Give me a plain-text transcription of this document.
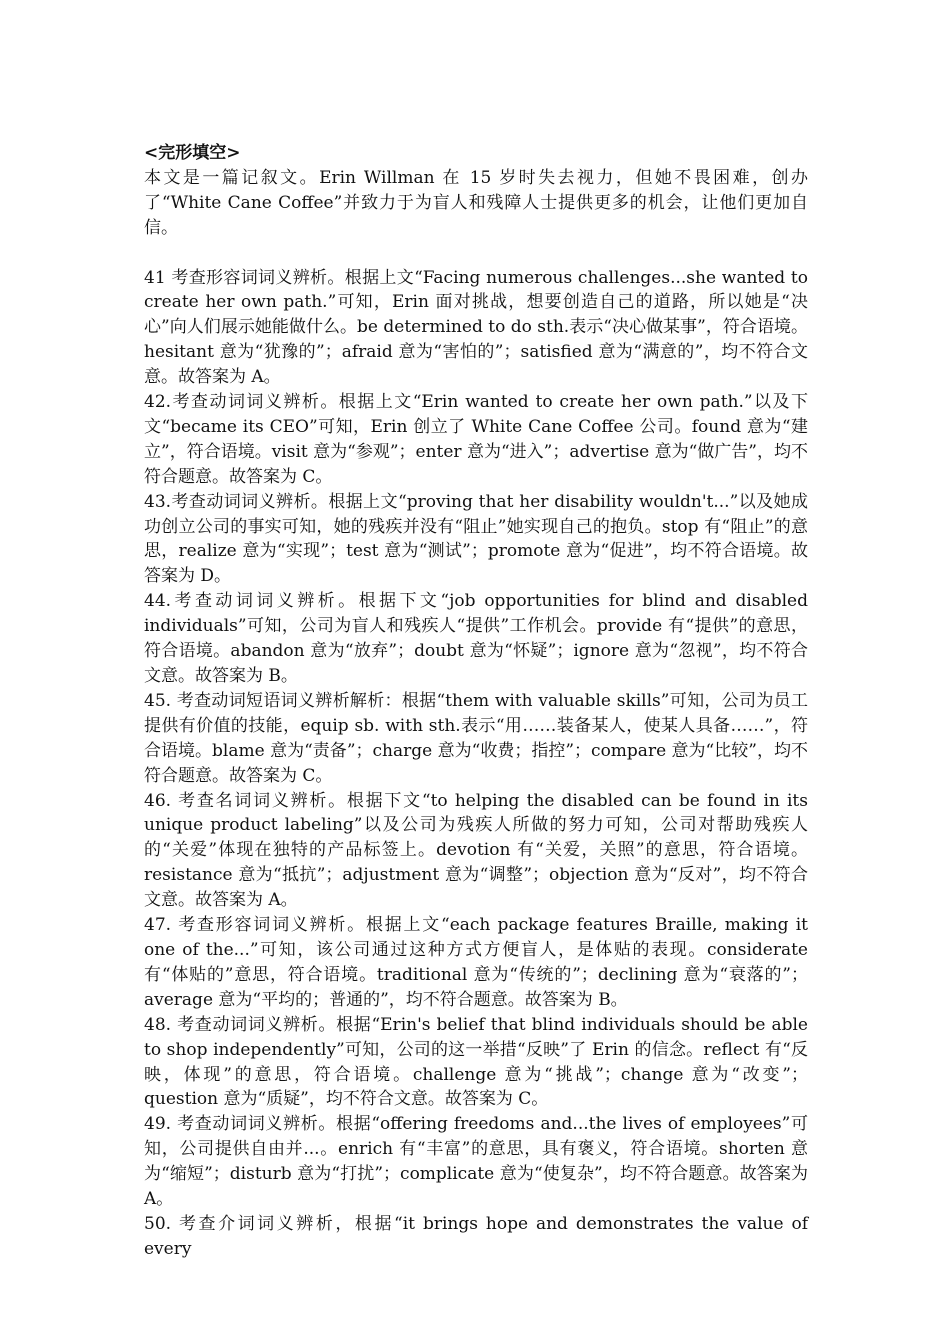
<完形填空>

本文是一篇记叙文。Erin Willman 在 15 岁时失去视力，但她不畏困难，创办了“White Cane Coffee”并致力于为盲人和残障人士提供更多的机会，让他们更加自信。

41 考查形容词词义辨析。根据上文“Facing numerous challenges...she wanted to create her own path.”可知，Erin 面对挑战，想要创造自己的道路，所以她是“决心”向人们展示她能做什么。be determined to do sth.表示“决心做某事”，符合语境。hesitant 意为“犹豫的”；afraid 意为“害怕的”；satisfied 意为“满意的”，均不符合文意。故答案为 A。

42.考查动词词义辨析。根据上文“Erin wanted to create her own path.”以及下文“became its CEO”可知，Erin 创立了 White Cane Coffee 公司。found 意为“建立”，符合语境。visit 意为“参观”；enter 意为“进入”；advertise 意为“做广告”，均不符合题意。故答案为 C。

43.考查动词词义辨析。根据上文“proving that her disability wouldn't...”以及她成功创立公司的事实可知，她的残疾并没有“阻止”她实现自己的抱负。stop 有“阻止”的意思，realize 意为“实现”；test 意为“测试”；promote 意为“促进”，均不符合语境。故答案为 D。

44.考查动词词义辨析。根据下文“job opportunities for blind and disabled individuals”可知，公司为盲人和残疾人“提供”工作机会。provide 有“提供”的意思，符合语境。abandon 意为“放弃”；doubt 意为“怀疑”；ignore 意为“忽视”，均不符合文意。故答案为 B。

45. 考查动词短语词义辨析解析：根据“them with valuable skills”可知，公司为员工提供有价值的技能，equip sb. with sth.表示“用……装备某人，使某人具备……”，符合语境。blame 意为“责备”；charge 意为“收费；指控”；compare 意为“比较”，均不符合题意。故答案为 C。

46. 考查名词词义辨析。根据下文“to helping the disabled can be found in its unique product labeling”以及公司为残疾人所做的努力可知，公司对帮助残疾人的“关爱”体现在独特的产品标签上。devotion 有“关爱，关照”的意思，符合语境。resistance 意为“抵抗”；adjustment 意为“调整”；objection 意为“反对”，均不符合文意。故答案为 A。

47. 考查形容词词义辨析。根据上文“each package features Braille, making it one of the...”可知，该公司通过这种方式方便盲人，是体贴的表现。considerate 有“体贴的”意思，符合语境。traditional 意为“传统的”；declining 意为“衰落的”；average 意为“平均的；普通的”，均不符合题意。故答案为 B。

48. 考查动词词义辨析。根据“Erin's belief that blind individuals should be able to shop independently”可知，公司的这一举措“反映”了 Erin 的信念。reflect 有“反映，体现”的意思，符合语境。challenge 意为“挑战”；change 意为“改变”；question 意为“质疑”，均不符合文意。故答案为 C。

49. 考查动词词义辨析。根据“offering freedoms and...the lives of employees”可知，公司提供自由并...。enrich 有“丰富”的意思，具有褒义，符合语境。shorten 意为“缩短”；disturb 意为“打扰”；complicate 意为“使复杂”，均不符合题意。故答案为 A。

50. 考查介词词义辨析，根据“it brings hope and demonstrates the value of every
